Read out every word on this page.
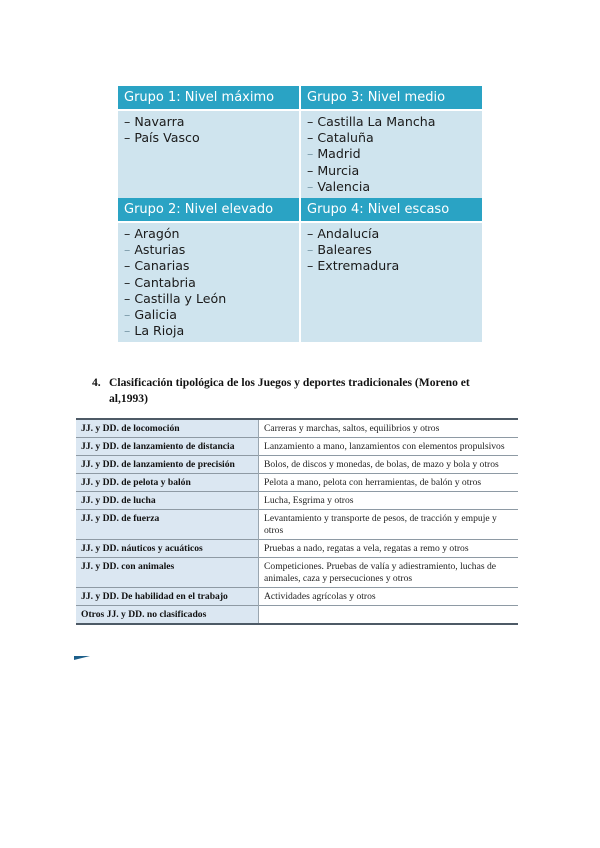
Grupo 1: Nivel máximo	Grupo 3: Nivel medio
– Navarra
– País Vasco
– Castilla La Mancha
– Cataluña
– Madrid
– Murcia
– Valencia
Grupo 2: Nivel elevado	Grupo 4: Nivel escaso
– Aragón
– Asturias
– Canarias
– Cantabria
– Castilla y León
– Galicia
– La Rioja
– Andalucía
– Baleares
– Extremadura
4. Clasificación tipológica de los Juegos y deportes tradicionales (Moreno et
al,1993)
JJ. y DD. de locomoción	Carreras y marchas, saltos, equilibrios y otros
JJ. y DD. de lanzamiento de distancia	Lanzamiento a mano, lanzamientos con elementos propulsivos
JJ. y DD. de lanzamiento de precisión	Bolos, de discos y monedas, de bolas, de mazo y bola y otros
JJ. y DD. de pelota y balón	Pelota a mano, pelota con herramientas, de balón y otros
JJ. y DD. de lucha	Lucha, Esgrima y otros
JJ. y DD. de fuerza	Levantamiento y transporte de pesos, de tracción y empuje y otros
JJ. y DD. náuticos y acuáticos	Pruebas a nado, regatas a vela, regatas a remo y otros
JJ. y DD. con animales	Competiciones. Pruebas de valía y adiestramiento, luchas de animales, caza y persecuciones y otros
JJ. y DD. De habilidad en el trabajo	Actividades agrícolas y otros
Otros JJ. y DD. no clasificados	
